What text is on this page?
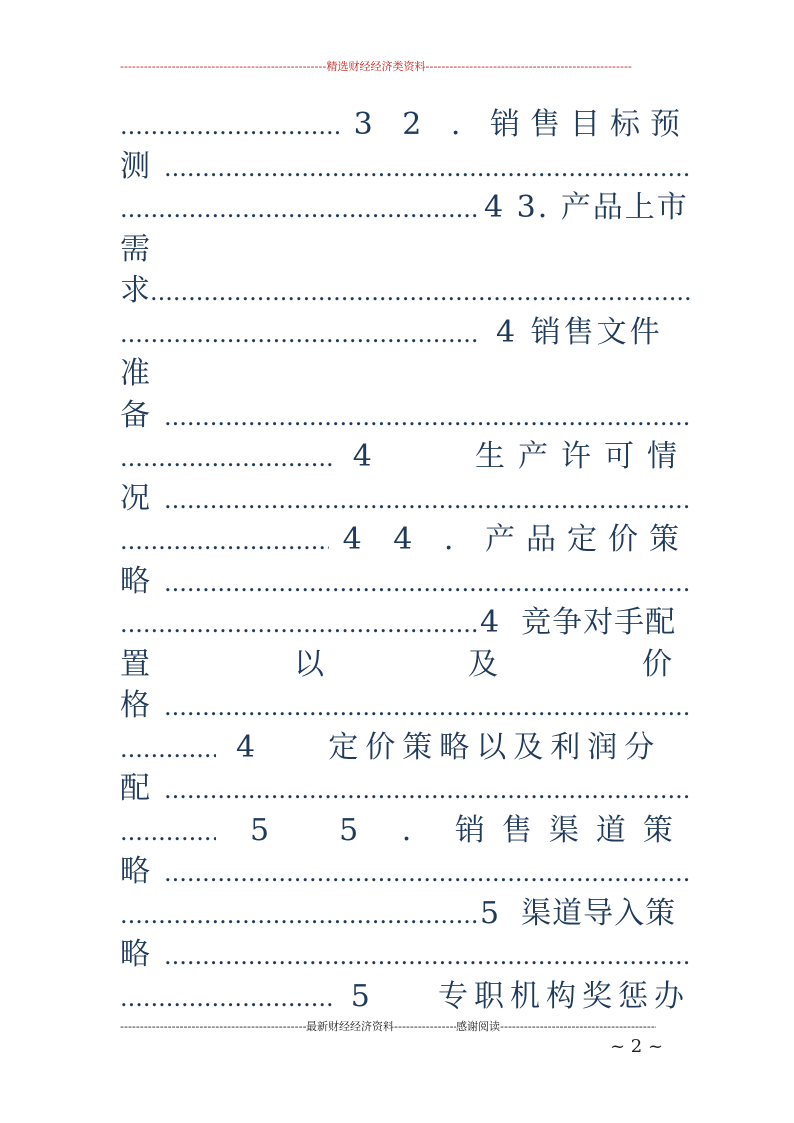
-----
精选财经经济类资料
-----
.....
3 2 . 销售目标预
测
.....
.....
4 3. 产品上市
需
求
.....
.....
4 销售文件
准
备
.....
.....
4    生产许可情
况
.....
.....
4 4 . 产品定价策
略
.....
.....
4  竞争对手配
置	以	及	价
格
.....
.....
4    定价策略以及利润分
配
.....
.....
5  5 . 销售渠道策
略
.....
.....
5  渠道导入策
略
.....
.....
5    专职机构奖惩办
-----
最新财经经济资料
-----	感谢阅读
-----
~ 2 ~
